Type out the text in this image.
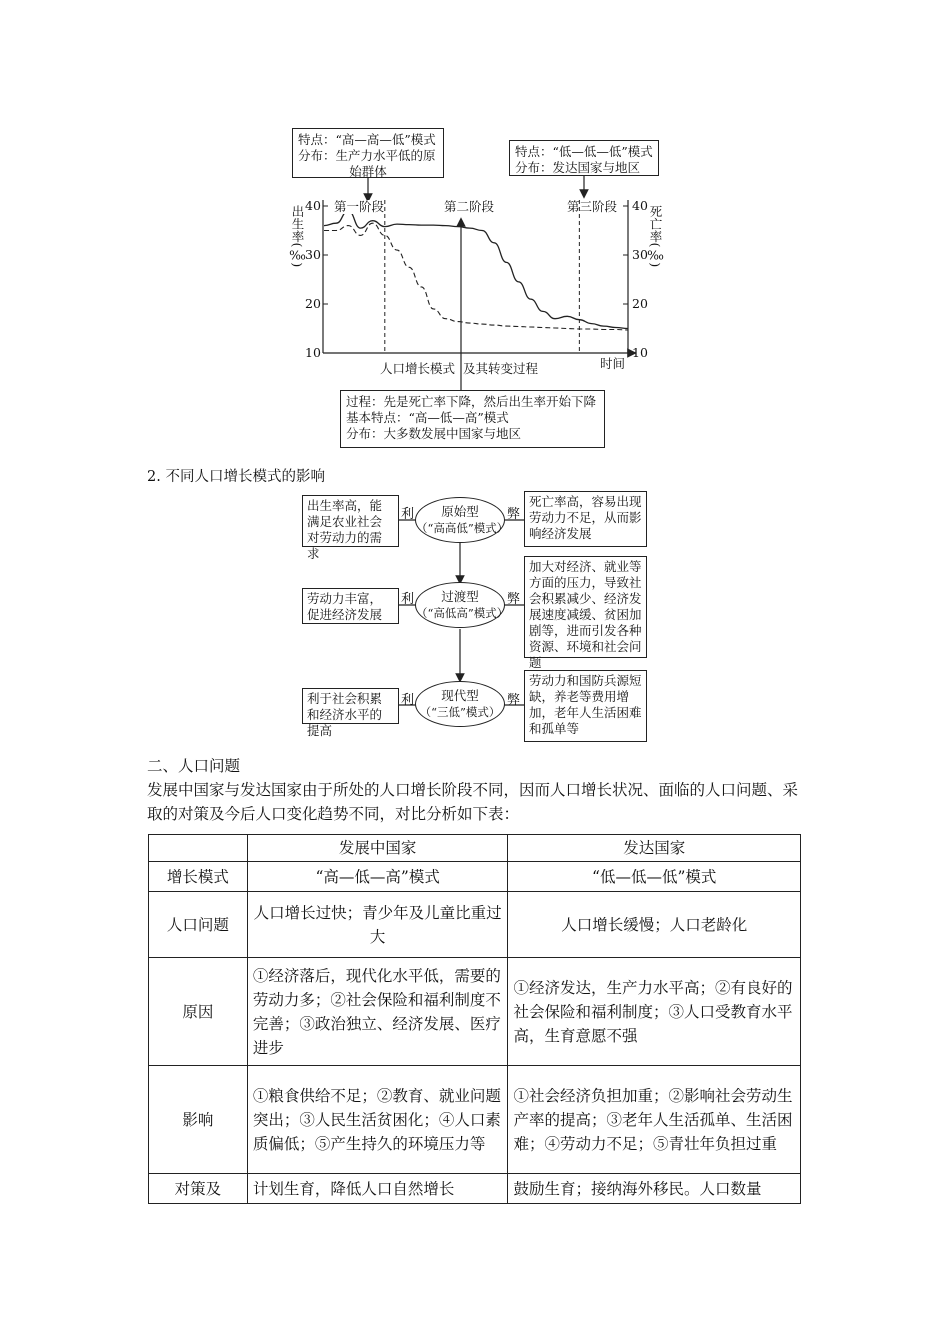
特点：“高—高—低”模式
分布：生产力水平低的原
始群体
特点：“低—低—低”模式
分布：发达国家与地区
过程：先是死亡率下降，然后出生率开始下降
基本特点：“高—低—高”模式
分布：大多数发展中国家与地区
第一阶段	第二阶段	第三阶段
出生率(‰)	死亡率(‰)
40
30
20
10
40
30
20
10
时间
人口增长模式  及其转变过程
2. 不同人口增长模式的影响
出生率高，能满足农业社会对劳动力的需求
劳动力丰富，促进经济发展
利于社会积累和经济水平的提高
利	弊
利	弊
利	弊
原始型
（“高高低”模式）
过渡型
（“高低高”模式）
现代型
（“三低”模式）
死亡率高，容易出现劳动力不足，从而影响经济发展
加大对经济、就业等方面的压力，导致社会积累减少、经济发展速度减缓、贫困加剧等，进而引发各种资源、环境和社会问题
劳动力和国防兵源短缺，养老等费用增加，老年人生活困难和孤单等
二、人口问题
发展中国家与发达国家由于所处的人口增长阶段不同，因而人口增长状况、面临的人口问题、采取的对策及今后人口变化趋势不同，对比分析如下表：
	发展中国家	发达国家
增长模式	“高—低—高”模式	“低—低—低”模式
人口问题	人口增长过快；青少年及儿童比重过大	人口增长缓慢；人口老龄化
原因	①经济落后，现代化水平低，需要的劳动力多；②社会保险和福利制度不完善；③政治独立、经济发展、医疗进步	①经济发达，生产力水平高；②有良好的社会保险和福利制度；③人口受教育水平高，生育意愿不强
影响	①粮食供给不足；②教育、就业问题突出；③人民生活贫困化；④人口素质偏低；⑤产生持久的环境压力等	①社会经济负担加重；②影响社会劳动生产率的提高；③老年人生活孤单、生活困难；④劳动力不足；⑤青壮年负担过重
对策及	计划生育，降低人口自然增长	鼓励生育；接纳海外移民。人口数量
